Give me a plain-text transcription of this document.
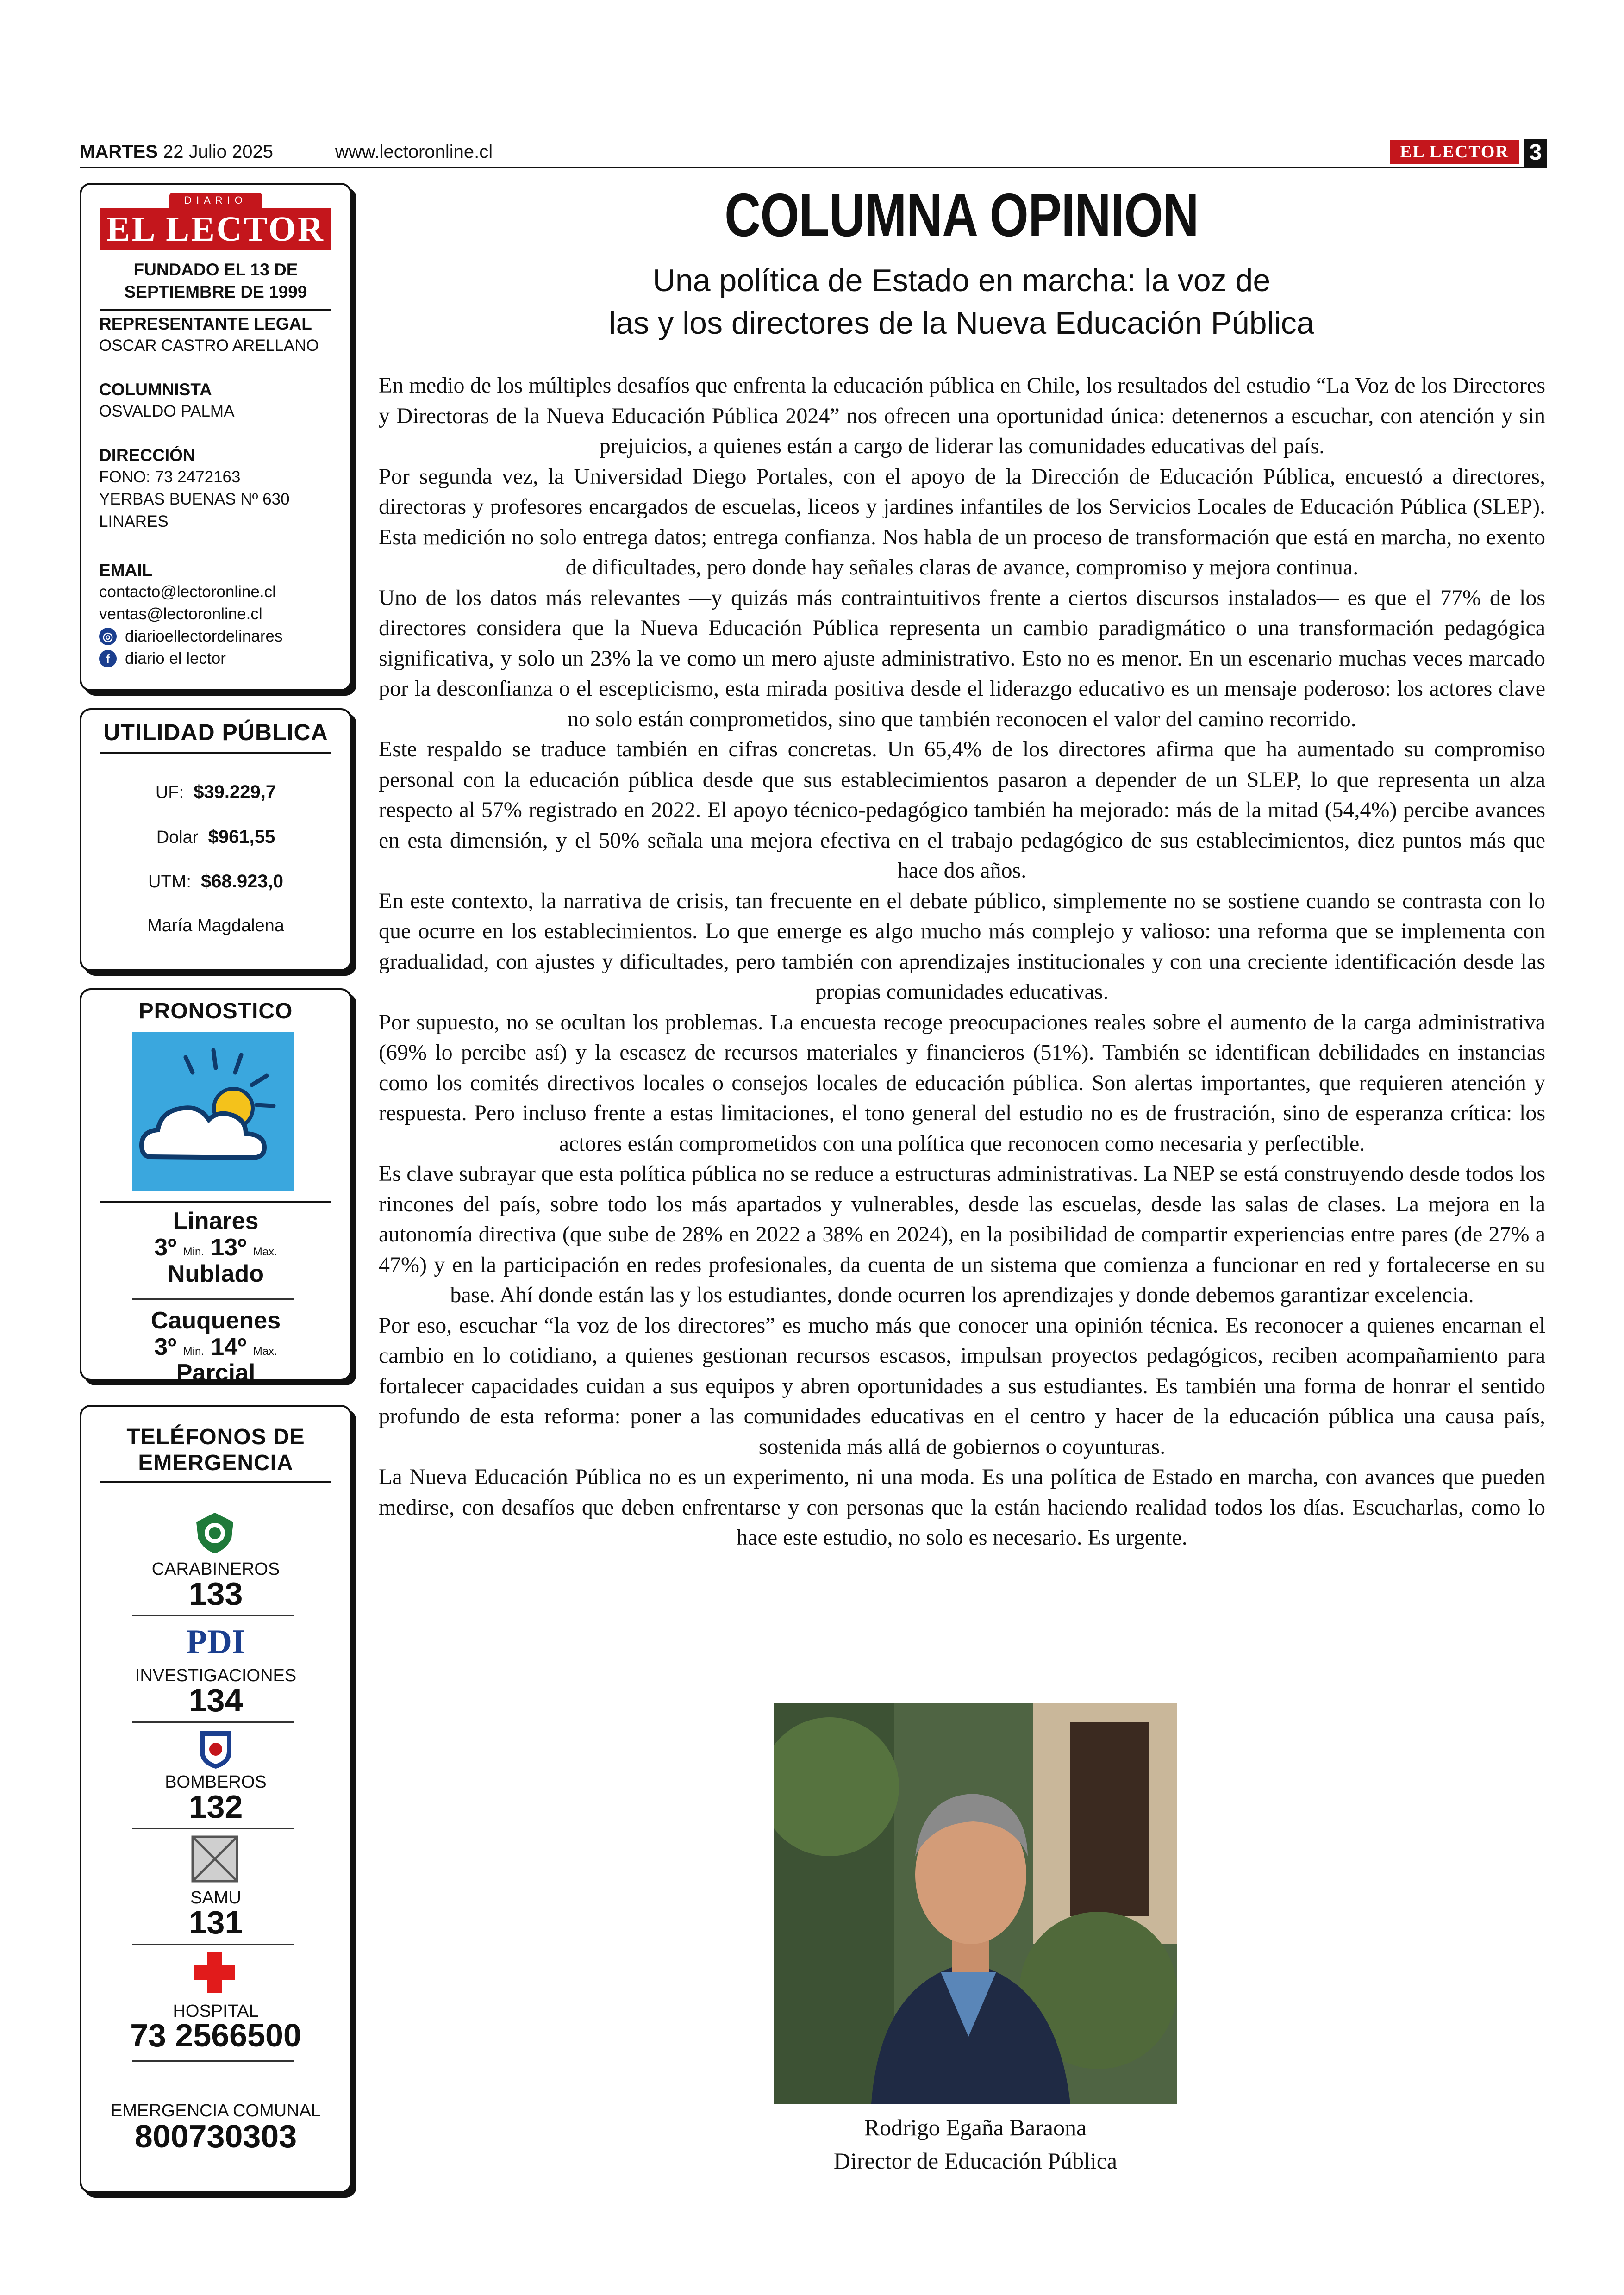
MARTES 22 Julio 2025	www.lectoronline.cl	EL LECTOR 3
DIARIO
EL LECTOR
FUNDADO EL 13 DE SEPTIEMBRE DE 1999
REPRESENTANTE LEGAL
OSCAR CASTRO ARELLANO
COLUMNISTA
OSVALDO PALMA
DIRECCIÓN
FONO: 73 2472163
YERBAS BUENAS Nº 630
LINARES
EMAIL
contacto@lectoronline.cl
ventas@lectoronline.cl
◎ diarioellectordelinares
f diario el lector
UTILIDAD PÚBLICA
UF: $39.229,7
Dolar $961,55
UTM: $68.923,0
María Magdalena
PRONOSTICO
Linares
3º Min. 13º Max.
Nublado
Cauquenes
3º Min. 14º Max.
Parcial
TELÉFONOS DE EMERGENCIA
CARABINEROS
133
PDI
INVESTIGACIONES
134
BOMBEROS
132
SAMU
131
HOSPITAL
73 2566500
EMERGENCIA COMUNAL
800730303
COLUMNA OPINION
Una política de Estado en marcha: la voz de
las y los directores de la Nueva Educación Pública

En medio de los múltiples desafíos que enfrenta la educación pública en Chile, los resultados del estudio “La Voz de los Directores y Directoras de la Nueva Educación Pública 2024” nos ofrecen una oportunidad única: detenernos a escuchar, con atención y sin prejuicios, a quienes están a cargo de liderar las comunidades educativas del país.

Por segunda vez, la Universidad Diego Portales, con el apoyo de la Dirección de Educación Pública, encuestó a directores, directoras y profesores encargados de escuelas, liceos y jardines infantiles de los Servicios Locales de Educación Pública (SLEP). Esta medición no solo entrega datos; entrega confianza. Nos habla de un proceso de transformación que está en marcha, no exento de dificultades, pero donde hay señales claras de avance, compromiso y mejora continua.

Uno de los datos más relevantes —y quizás más contraintuitivos frente a ciertos discursos instalados— es que el 77% de los directores considera que la Nueva Educación Pública representa un cambio paradigmático o una transformación pedagógica significativa, y solo un 23% la ve como un mero ajuste administrativo. Esto no es menor. En un escenario muchas veces marcado por la desconfianza o el escepticismo, esta mirada positiva desde el liderazgo educativo es un mensaje poderoso: los actores clave no solo están comprometidos, sino que también reconocen el valor del camino recorrido.

Este respaldo se traduce también en cifras concretas. Un 65,4% de los directores afirma que ha aumentado su compromiso personal con la educación pública desde que sus establecimientos pasaron a depender de un SLEP, lo que representa un alza respecto al 57% registrado en 2022. El apoyo técnico-pedagógico también ha mejorado: más de la mitad (54,4%) percibe avances en esta dimensión, y el 50% señala una mejora efectiva en el trabajo pedagógico de sus establecimientos, diez puntos más que hace dos años.

En este contexto, la narrativa de crisis, tan frecuente en el debate público, simplemente no se sostiene cuando se contrasta con lo que ocurre en los establecimientos. Lo que emerge es algo mucho más complejo y valioso: una reforma que se implementa con gradualidad, con ajustes y dificultades, pero también con aprendizajes institucionales y con una creciente identificación desde las propias comunidades educativas.

Por supuesto, no se ocultan los problemas. La encuesta recoge preocupaciones reales sobre el aumento de la carga administrativa (69% lo percibe así) y la escasez de recursos materiales y financieros (51%). También se identifican debilidades en instancias como los comités directivos locales o consejos locales de educación pública. Son alertas importantes, que requieren atención y respuesta. Pero incluso frente a estas limitaciones, el tono general del estudio no es de frustración, sino de esperanza crítica: los actores están comprometidos con una política que reconocen como necesaria y perfectible.

Es clave subrayar que esta política pública no se reduce a estructuras administrativas. La NEP se está construyendo desde todos los rincones del país, sobre todo los más apartados y vulnerables, desde las escuelas, desde las salas de clases. La mejora en la autonomía directiva (que sube de 28% en 2022 a 38% en 2024), en la posibilidad de compartir experiencias entre pares (de 27% a 47%) y en la participación en redes profesionales, da cuenta de un sistema que comienza a funcionar en red y fortalecerse en su base. Ahí donde están las y los estudiantes, donde ocurren los aprendizajes y donde debemos garantizar excelencia.

Por eso, escuchar “la voz de los directores” es mucho más que conocer una opinión técnica. Es reconocer a quienes encarnan el cambio en lo cotidiano, a quienes gestionan recursos escasos, impulsan proyectos pedagógicos, reciben acompañamiento para fortalecer capacidades cuidan a sus equipos y abren oportunidades a sus estudiantes. Es también una forma de honrar el sentido profundo de esta reforma: poner a las comunidades educativas en el centro y hacer de la educación pública una causa país, sostenida más allá de gobiernos o coyunturas.

La Nueva Educación Pública no es un experimento, ni una moda. Es una política de Estado en marcha, con avances que pueden medirse, con desafíos que deben enfrentarse y con personas que la están haciendo realidad todos los días. Escucharlas, como lo hace este estudio, no solo es necesario. Es urgente.

Rodrigo Egaña Baraona
Director de Educación Pública
